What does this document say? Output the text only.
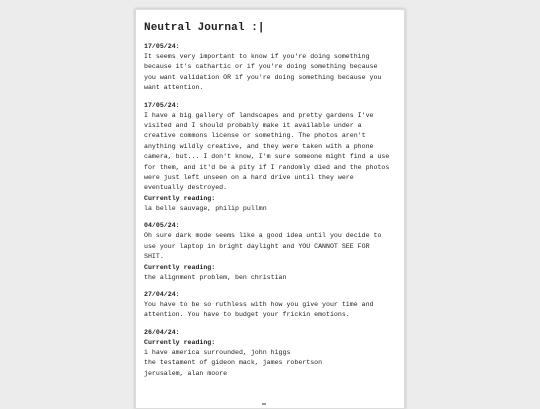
Neutral Journal :|
17/05/24:
It seems very important to know if you're doing something
because it's cathartic or if you're doing something because
you want validation OR if you're doing something because you
want attention.
17/05/24:
I have a big gallery of landscapes and pretty gardens I've
visited and I should probably make it available under a
creative commons license or something. The photos aren't
anything wildly creative, and they were taken with a phone
camera, but... I don't know, I'm sure someone might find a use
for them, and it'd be a pity if I randomly died and the photos
were just left unseen on a hard drive until they were
eventually destroyed.
Currently reading:
la belle sauvage, philip pullmn
04/05/24:
Oh sure dark mode seems like a good idea until you decide to
use your laptop in bright daylight and YOU CANNOT SEE FOR
SHIT.
Currently reading:
the alignment problem, ben christian
27/04/24:
You have to be so ruthless with how you give your time and
attention. You have to budget your frickin emotions.
26/04/24:
Currently reading:
i have america surrounded, john higgs
the testament of gideon mack, james robertson
jerusalem, alan moore
